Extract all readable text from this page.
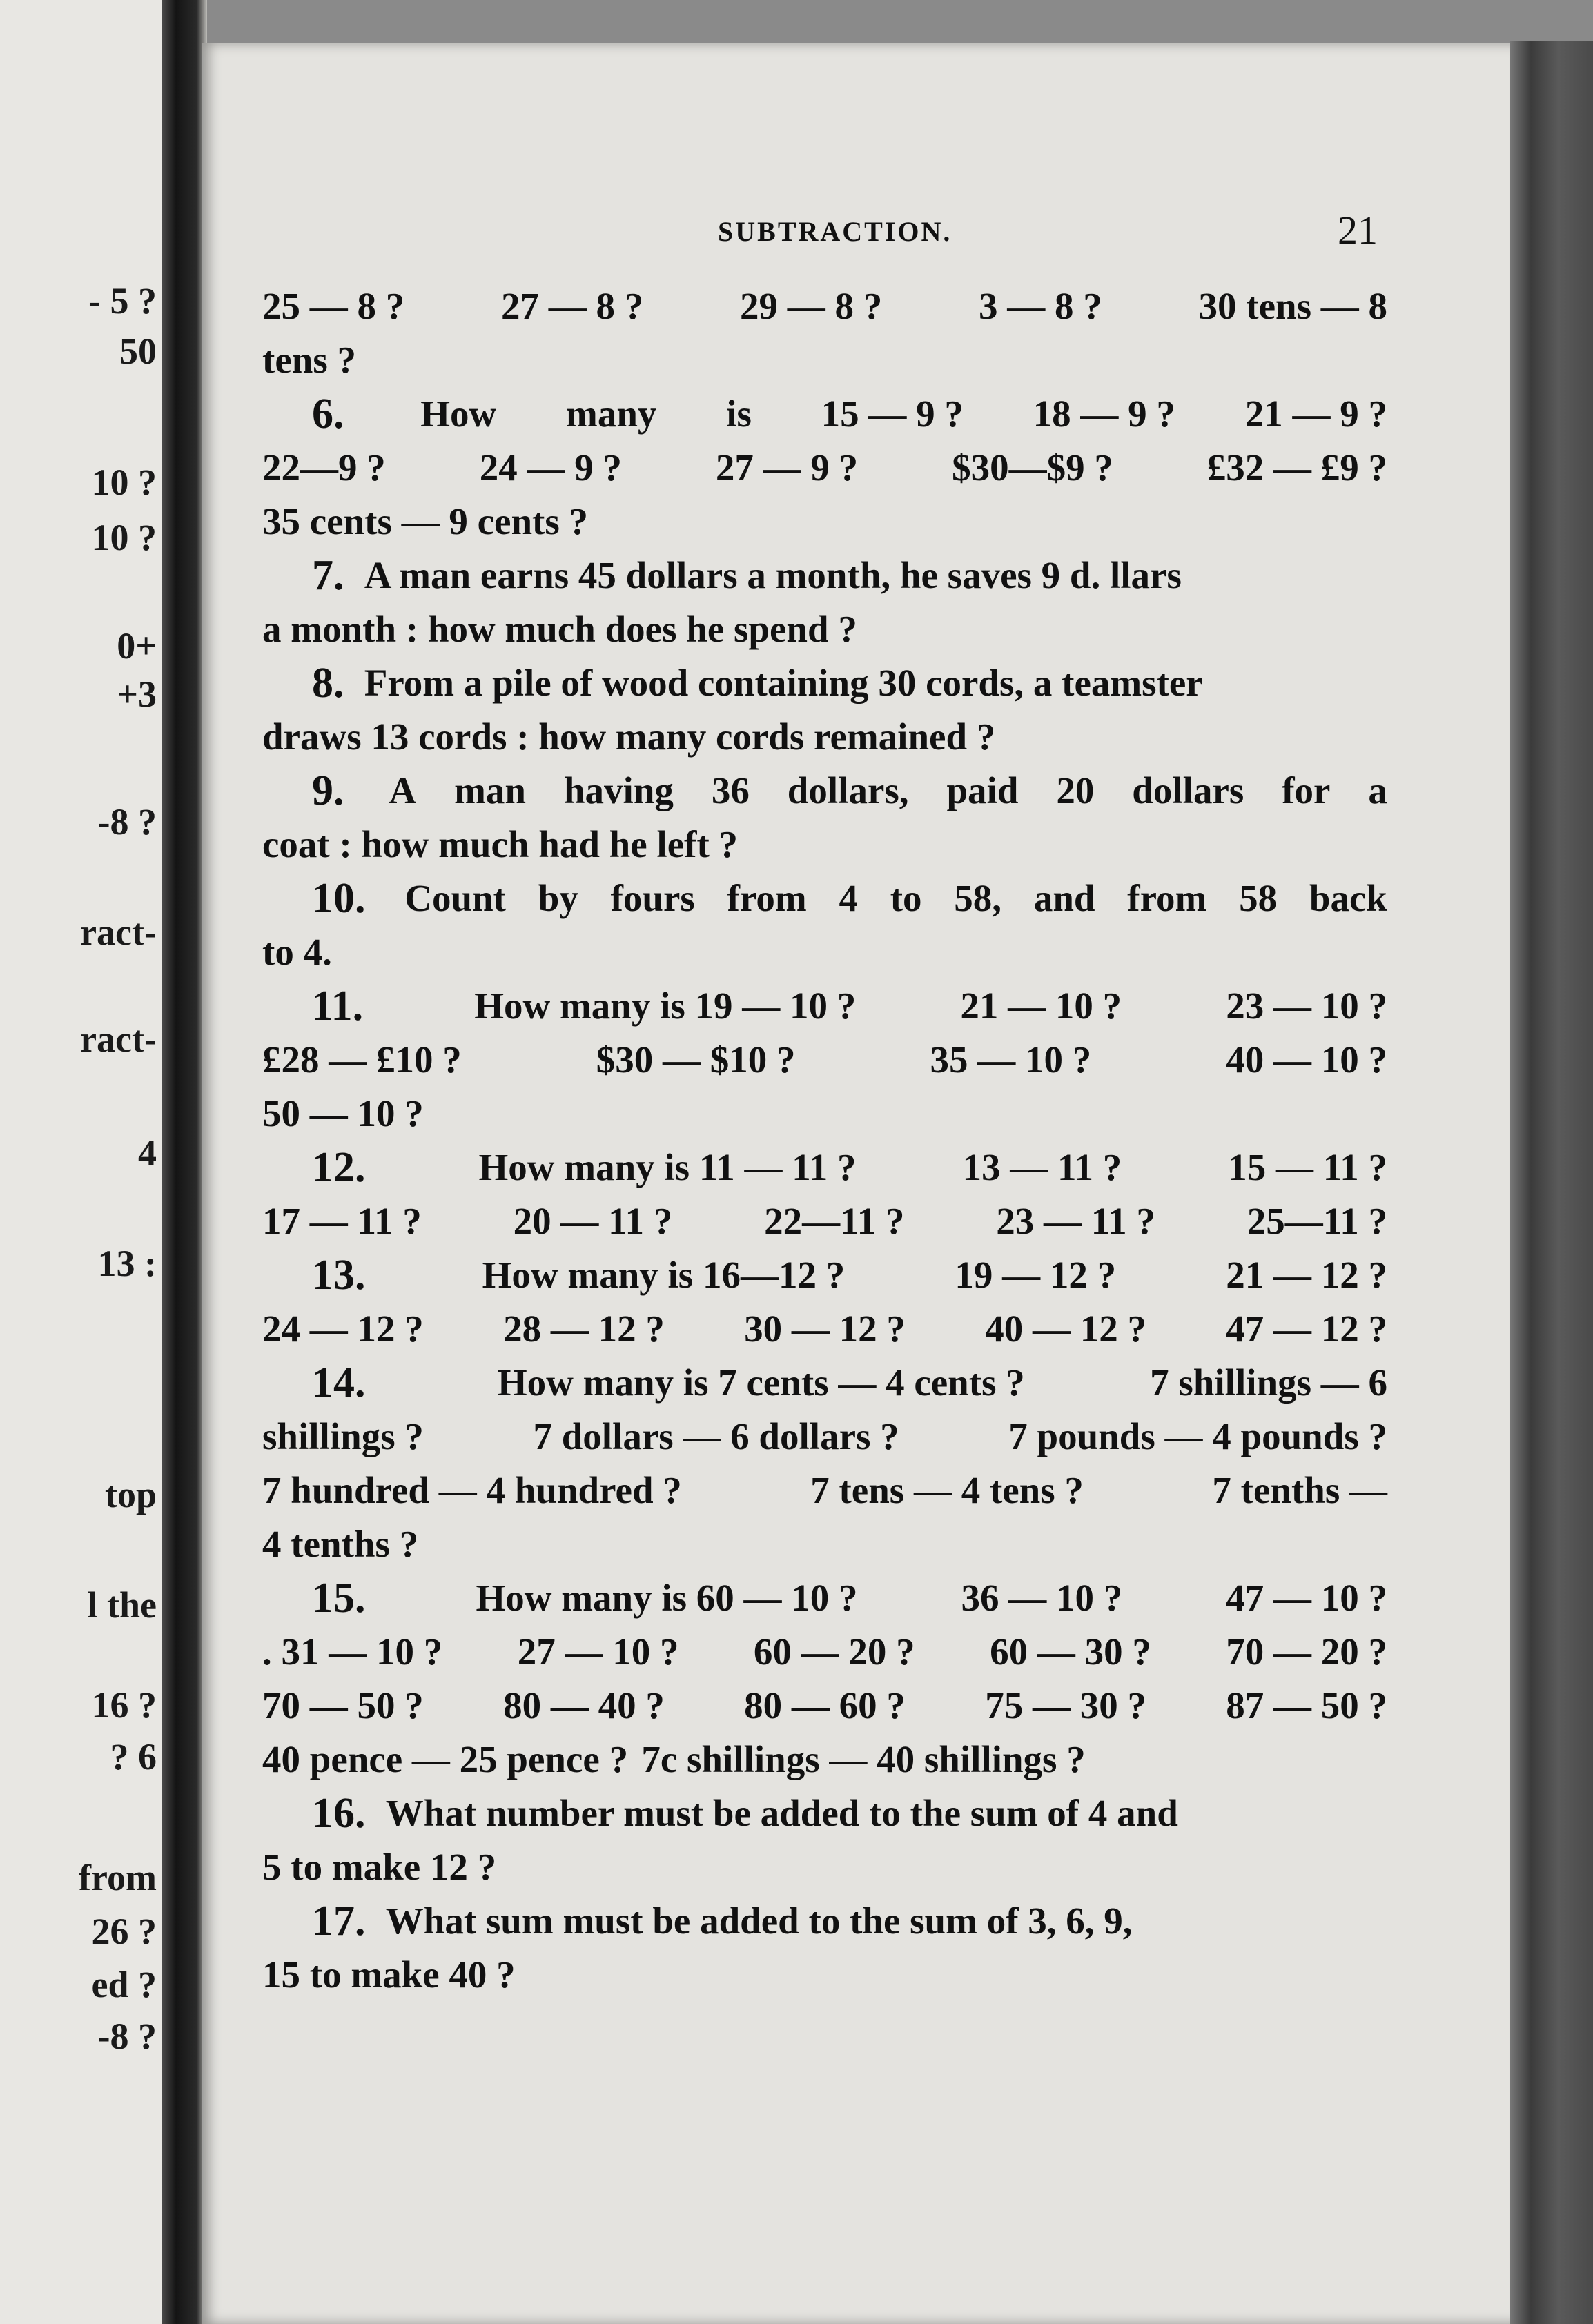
- 5 ?
50
10 ?
10 ?
0+
+3
-8 ?
ract-
ract-
4
13 :
top
l the
16 ?
? 6
from
26 ?
ed ?
-8 ?
SUBTRACTION.	21
25 — 8 ?	27 — 8 ?	29 — 8 ?	3 — 8 ?	30 tens — 8
tens ?
6. How many is 15 — 9 ? 18 — 9 ? 21 — 9 ?
22—9 ? 24 — 9 ? 27 — 9 ? $30—$9 ? £32 — £9 ?
35 cents — 9 cents ?
7. A man earns 45 dollars a month, he saves 9 d. llars
a month : how much does he spend ?
8. From a pile of wood containing 30 cords, a teamster
draws 13 cords : how many cords remained ?
9. A man having 36 dollars, paid 20 dollars for a
coat : how much had he left ?
10. Count by fours from 4 to 58, and from 58 back
to 4.
11.	How many is 19 — 10 ?	21 — 10 ?	23 — 10 ?
£28 — £10 ?	$30 — $10 ?	35 — 10 ?	40 — 10 ?
50 — 10 ?
12.	How many is 11 — 11 ?	13 — 11 ?	15 — 11 ?
17 — 11 ? 20 — 11 ? 22—11 ? 23 — 11 ? 25—11 ?
13.	How many is 16—12 ?	19 — 12 ?	21 — 12 ?
24 — 12 ? 28 — 12 ? 30 — 12 ? 40 — 12 ? 47 — 12 ?
14.	How many is 7 cents — 4 cents ?	7 shillings — 6
shillings ?	7 dollars — 6 dollars ?	7 pounds — 4 pounds ?
7 hundred — 4 hundred ?	7 tens — 4 tens ?	7 tenths —
4 tenths ?
15.	How many is 60 — 10 ?	36 — 10 ?	47 — 10 ?
. 31 — 10 ? 27 — 10 ? 60 — 20 ? 60 — 30 ? 70 — 20 ?
70 — 50 ? 80 — 40 ? 80 — 60 ? 75 — 30 ? 87 — 50 ?
40 pence — 25 pence ? 7c shillings — 40 shillings ?
16. What number must be added to the sum of 4 and
5 to make 12 ?
17. What sum must be added to the sum of 3, 6, 9,
15 to make 40 ?
